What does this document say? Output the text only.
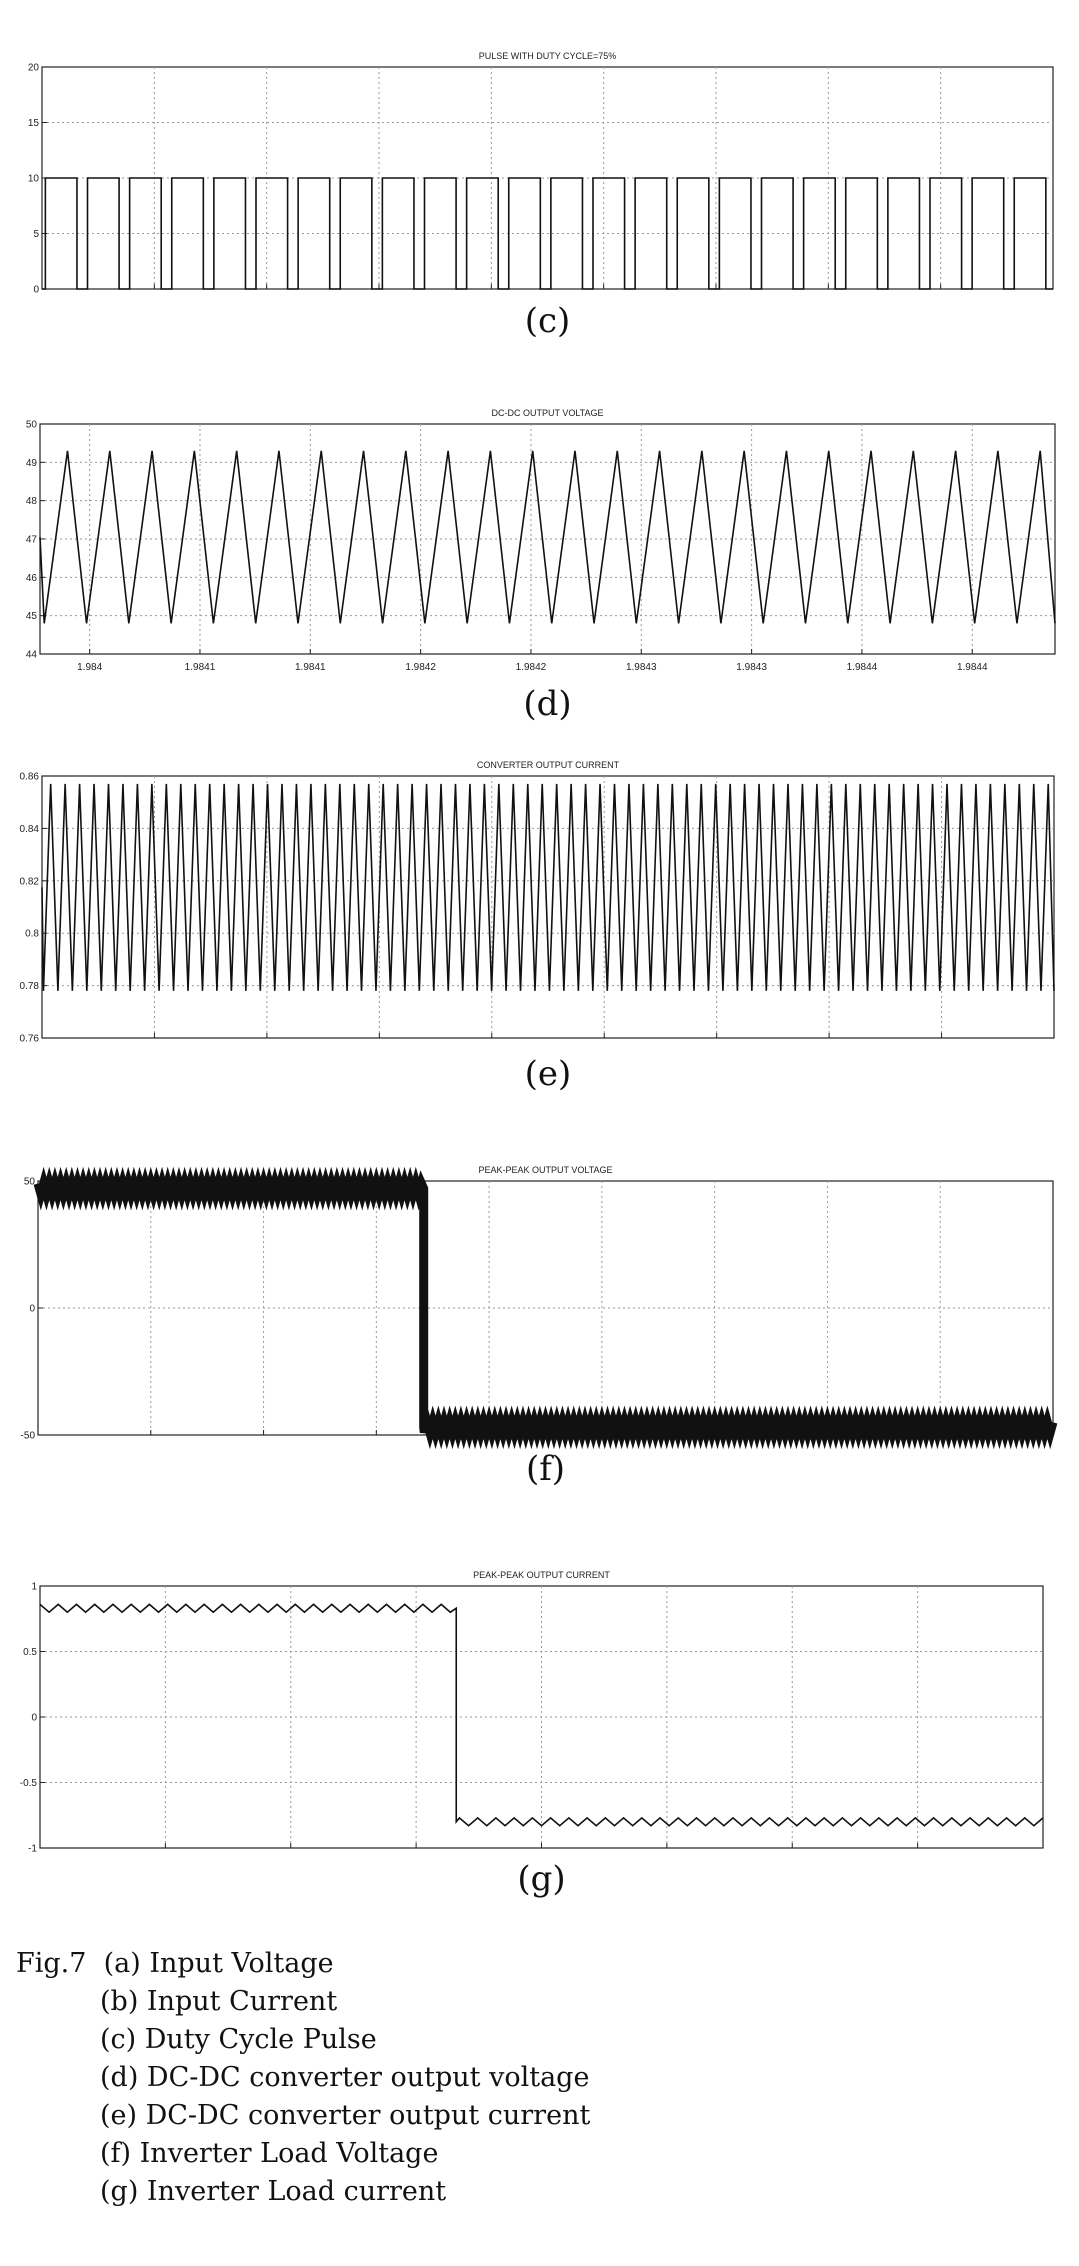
PULSE WITH DUTY CYCLE=75%
0
5
10
15
20
(c)
DC-DC OUTPUT VOLTAGE
44
45
46
47
48
49
50
1.984	1.9841	1.9841	1.9842	1.9842	1.9843	1.9843	1.9844	1.9844
(d)
CONVERTER OUTPUT CURRENT
0.76
0.78
0.8
0.82
0.84
0.86
(e)
PEAK-PEAK OUTPUT VOLTAGE
-50
0
50
(f)
PEAK-PEAK OUTPUT CURRENT
-1
-0.5
0
0.5
1
(g)
Fig.7 (a) Input Voltage
(b) Input Current
(c) Duty Cycle Pulse
(d) DC-DC converter output voltage
(e) DC-DC converter output current
(f) Inverter Load Voltage
(g) Inverter Load current
